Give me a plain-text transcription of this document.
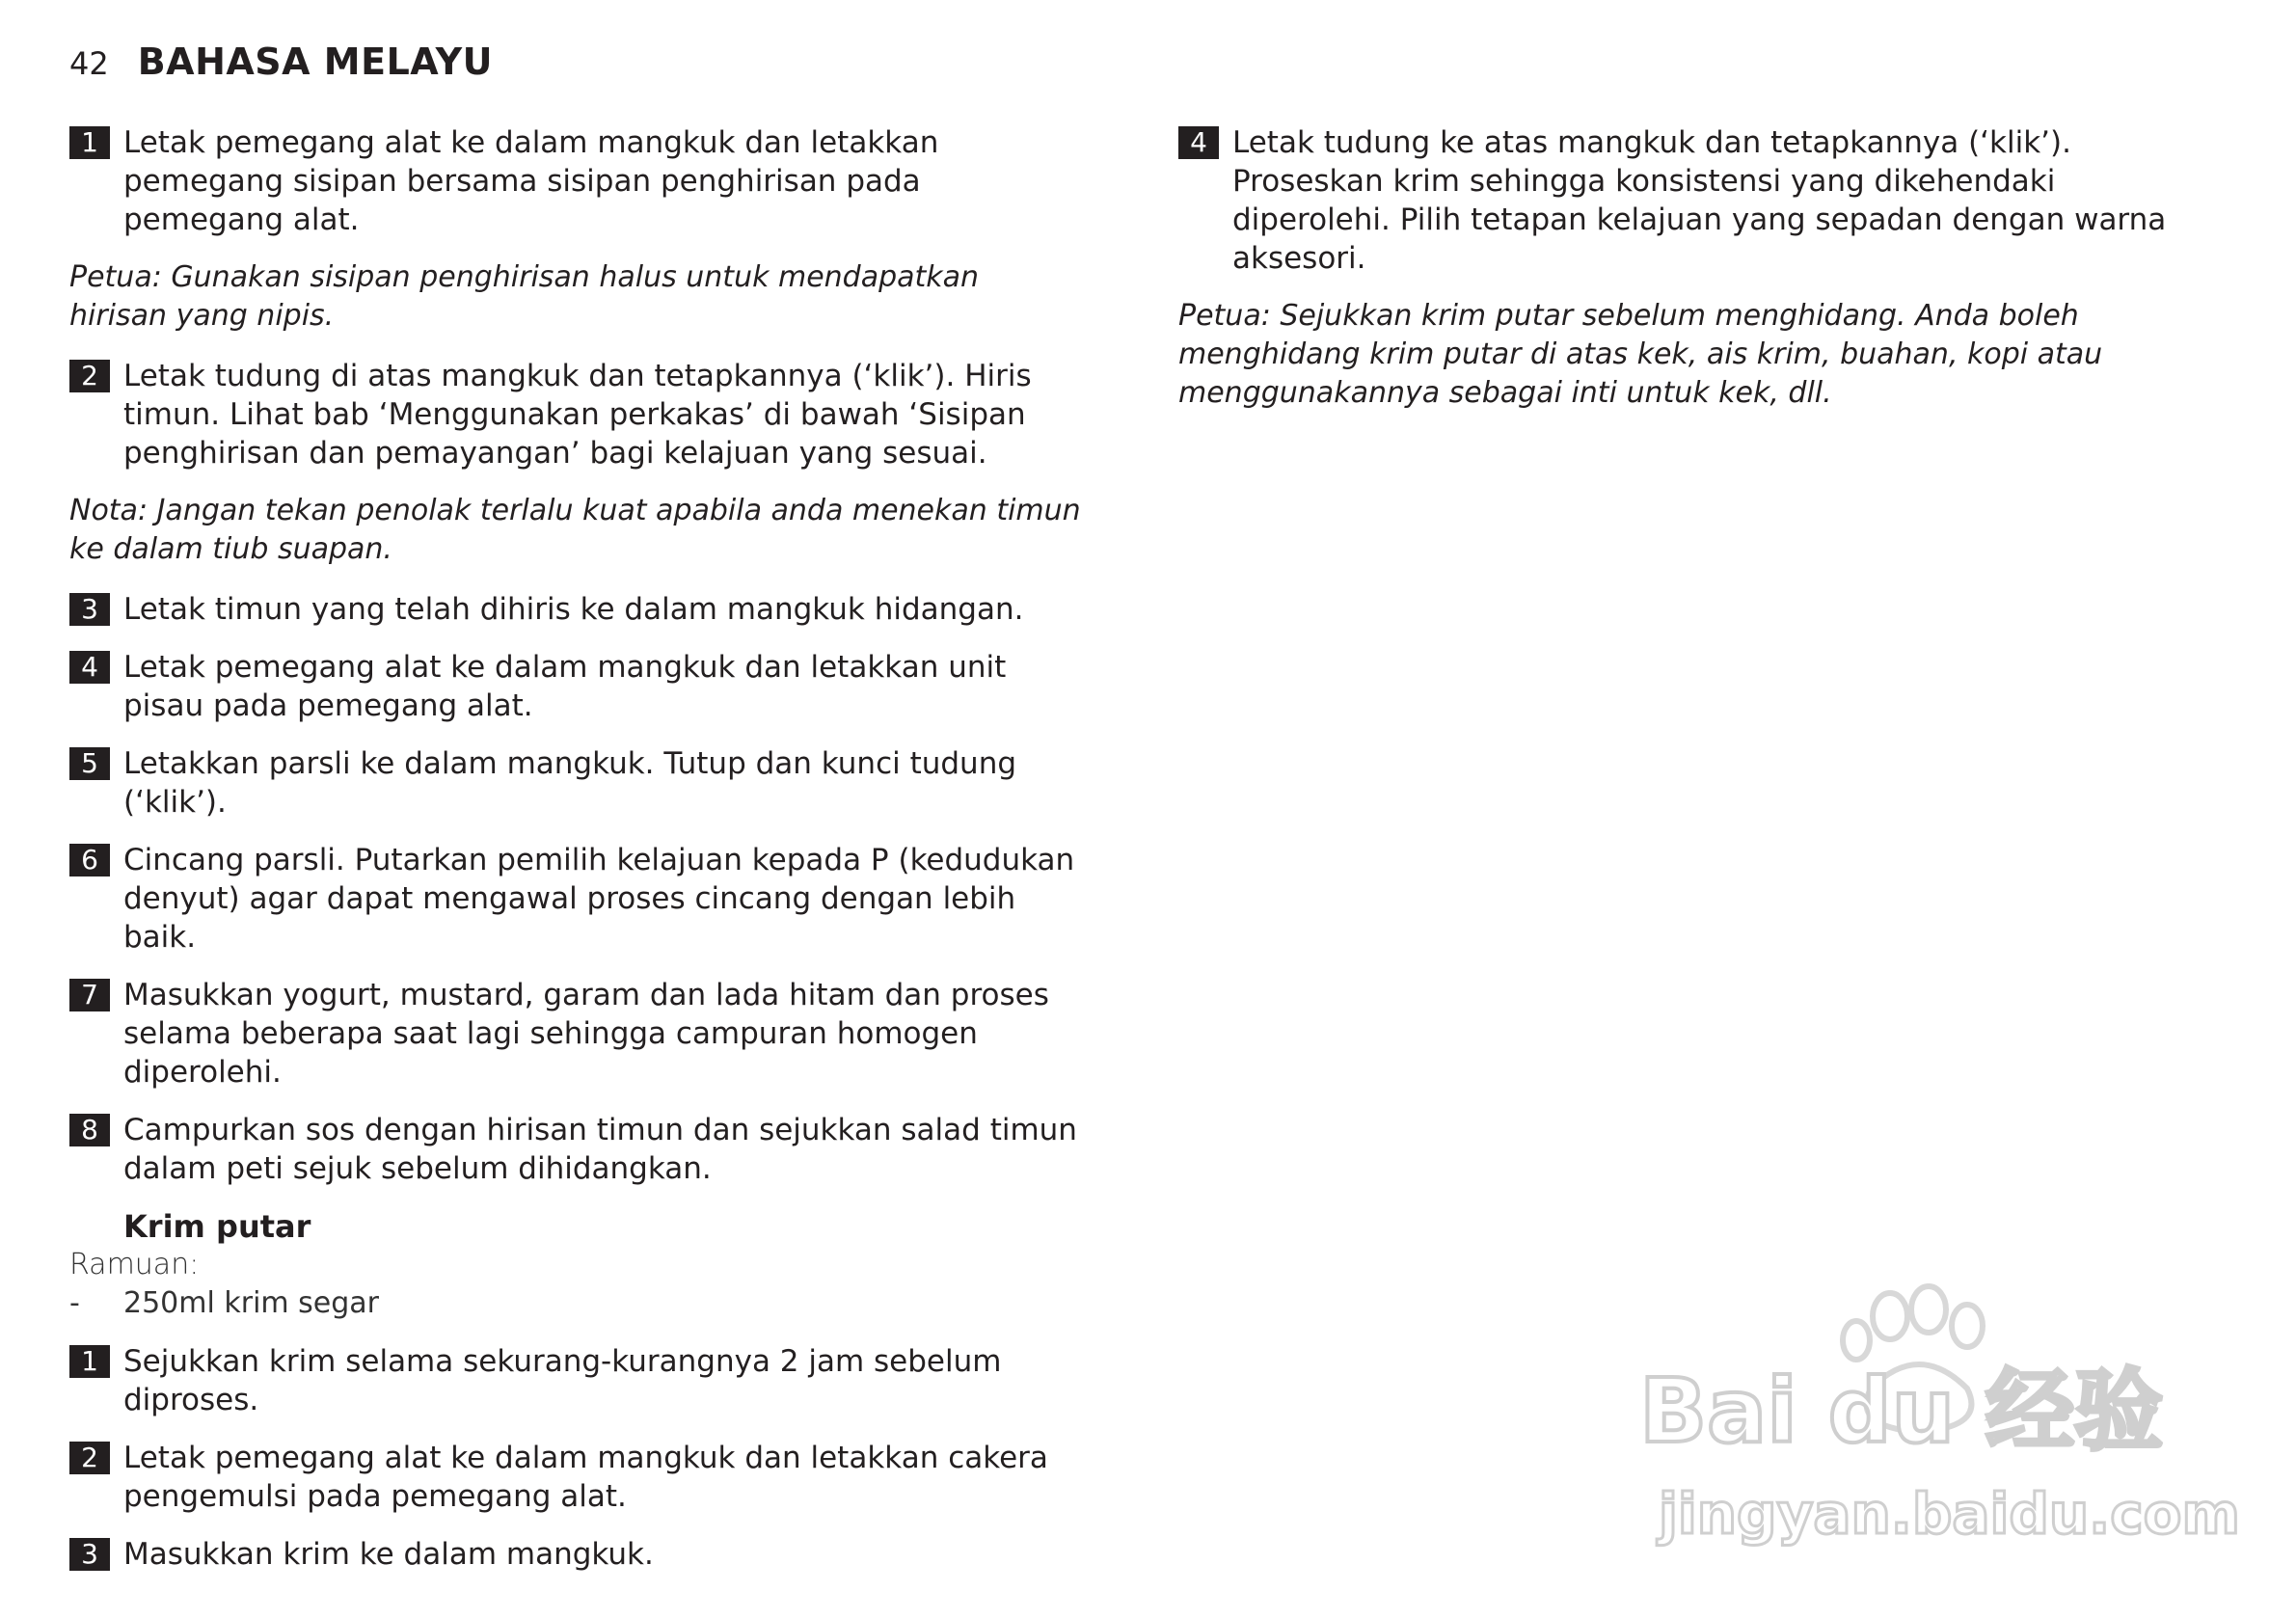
42 BAHASA MELAYU
1 Letak pemegang alat ke dalam mangkuk dan letakkan pemegang sisipan bersama sisipan penghirisan pada pemegang alat.

Petua: Gunakan sisipan penghirisan halus untuk mendapatkan hirisan yang nipis.

2 Letak tudung di atas mangkuk dan tetapkannya (‘klik’). Hiris timun. Lihat bab ‘Menggunakan perkakas’ di bawah ‘Sisipan penghirisan dan pemayangan’ bagi kelajuan yang sesuai.

Nota: Jangan tekan penolak terlalu kuat apabila anda menekan timun ke dalam tiub suapan.

3 Letak timun yang telah dihiris ke dalam mangkuk hidangan.
4 Letak pemegang alat ke dalam mangkuk dan letakkan unit pisau pada pemegang alat.
5 Letakkan parsli ke dalam mangkuk. Tutup dan kunci tudung (‘klik’).
6 Cincang parsli. Putarkan pemilih kelajuan kepada P (kedudukan denyut) agar dapat mengawal proses cincang dengan lebih baik.
7 Masukkan yogurt, mustard, garam dan lada hitam dan proses selama beberapa saat lagi sehingga campuran homogen diperolehi.
8 Campurkan sos dengan hirisan timun dan sejukkan salad timun dalam peti sejuk sebelum dihidangkan.
Krim putar
Ramuan:
-	250ml krim segar
1 Sejukkan krim selama sekurang-kurangnya 2 jam sebelum diproses.
2 Letak pemegang alat ke dalam mangkuk dan letakkan cakera pengemulsi pada pemegang alat.
3 Masukkan krim ke dalam mangkuk.
4 Letak tudung ke atas mangkuk dan tetapkannya (‘klik’). Proseskan krim sehingga konsistensi yang dikehendaki diperolehi. Pilih tetapan kelajuan yang sepadan dengan warna aksesori.

Petua: Sejukkan krim putar sebelum menghidang. Anda boleh menghidang krim putar di atas kek, ais krim, buahan, kopi atau menggunakannya sebagai inti untuk kek, dll.

Bai du 经验
jingyan.baidu.com
